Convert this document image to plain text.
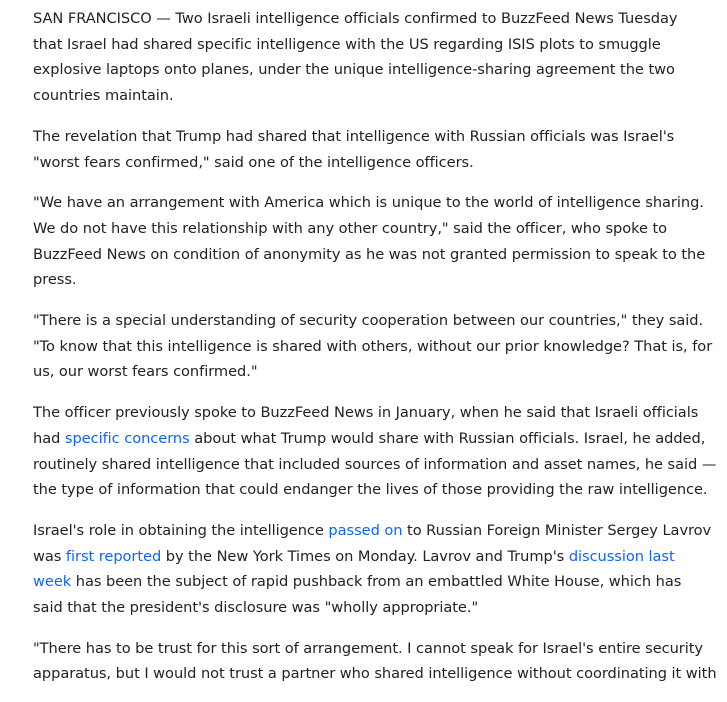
SAN FRANCISCO — Two Israeli intelligence officials confirmed to BuzzFeed News Tuesday
that Israel had shared specific intelligence with the US regarding ISIS plots to smuggle
explosive laptops onto planes, under the unique intelligence-sharing agreement the two
countries maintain.

The revelation that Trump had shared that intelligence with Russian officials was Israel's
"worst fears confirmed," said one of the intelligence officers.

"We have an arrangement with America which is unique to the world of intelligence sharing.
We do not have this relationship with any other country," said the officer, who spoke to
BuzzFeed News on condition of anonymity as he was not granted permission to speak to the
press.

"There is a special understanding of security cooperation between our countries," they said.
"To know that this intelligence is shared with others, without our prior knowledge? That is, for
us, our worst fears confirmed."

The officer previously spoke to BuzzFeed News in January, when he said that Israeli officials
had specific concerns about what Trump would share with Russian officials. Israel, he added,
routinely shared intelligence that included sources of information and asset names, he said —
the type of information that could endanger the lives of those providing the raw intelligence.

Israel's role in obtaining the intelligence passed on to Russian Foreign Minister Sergey Lavrov
was first reported by the New York Times on Monday. Lavrov and Trump's discussion last
week has been the subject of rapid pushback from an embattled White House, which has
said that the president's disclosure was "wholly appropriate."

"There has to be trust for this sort of arrangement. I cannot speak for Israel's entire security
apparatus, but I would not trust a partner who shared intelligence without coordinating it with
